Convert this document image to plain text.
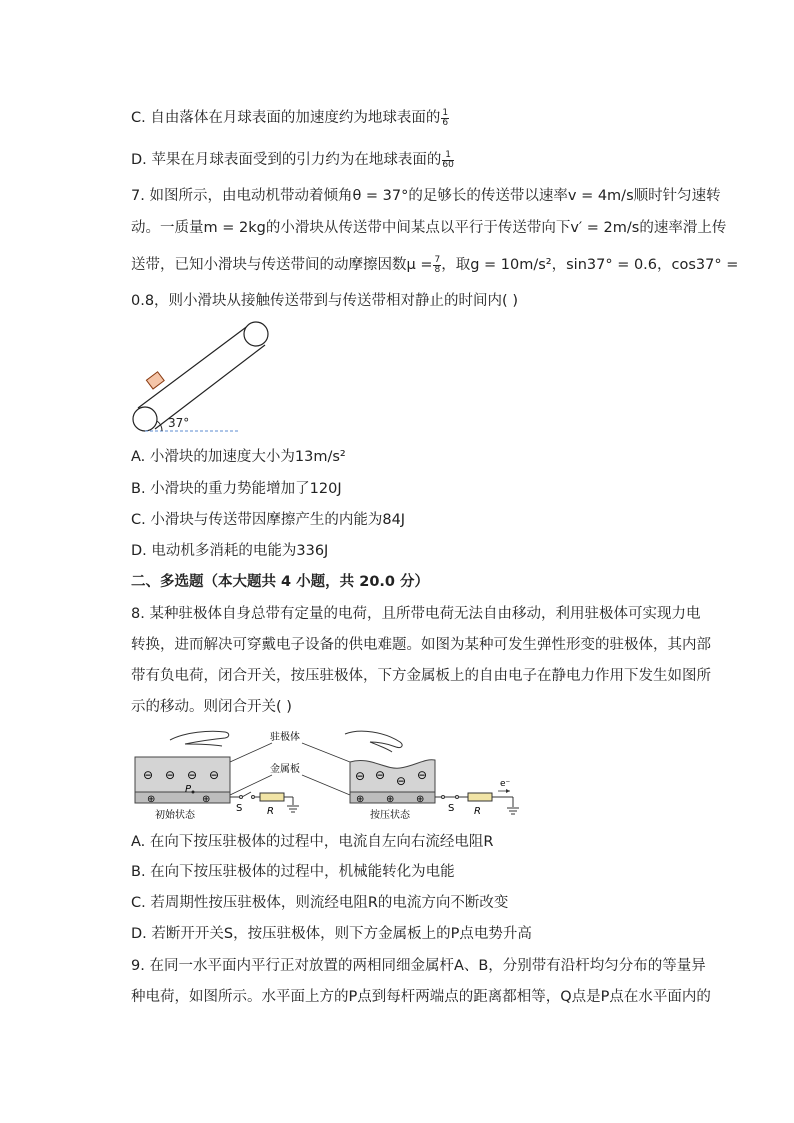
C. 自由落体在月球表面的加速度约为地球表面的 $\frac{1}{6}$
D. 苹果在月球表面受到的引力约为在地球表面的 $\frac{1}{60}$
7. 如图所示，由电动机带动着倾角θ = 37°的足够长的传送带以速率v = 4m/s顺时针匀速转
动。一质量m = 2kg的小滑块从传送带中间某点以平行于传送带向下v′ = 2m/s的速率滑上传
送带，已知小滑块与传送带间的动摩擦因数$\mu = \frac{7}{8}$ ，取g = 10m/s²，sin37° = 0.6，cos37° =
0.8，则小滑块从接触传送带到与传送带相对静止的时间内( )
37°
A. 小滑块的加速度大小为13m/s²
B. 小滑块的重力势能增加了120J
C. 小滑块与传送带因摩擦产生的内能为84J
D. 电动机多消耗的电能为336J
二、多选题（本大题共 4 小题，共 20.0 分）
8. 某种驻极体自身总带有定量的电荷，且所带电荷无法自由移动，利用驻极体可实现力电
转换，进而解决可穿戴电子设备的供电难题。如图为某种可发生弹性形变的驻极体，其内部
带有负电荷，闭合开关，按压驻极体，下方金属板上的自由电子在静电力作用下发生如图所
示的移动。则闭合开关( )
⊖ ⊖ ⊖ ⊖
P
⊕	⊕
初始状态
S R
驻极体
金属板	⊖ ⊖ ⊖ ⊖
⊕ ⊕ ⊕
按压状态
S R
e⁻
A. 在向下按压驻极体的过程中，电流自左向右流经电阻R
B. 在向下按压驻极体的过程中，机械能转化为电能
C. 若周期性按压驻极体，则流经电阻R的电流方向不断改变
D. 若断开开关S，按压驻极体，则下方金属板上的P点电势升高
9. 在同一水平面内平行正对放置的两相同细金属杆A、B，分别带有沿杆均匀分布的等量异
种电荷，如图所示。水平面上方的P点到每杆两端点的距离都相等，Q点是P点在水平面内的
